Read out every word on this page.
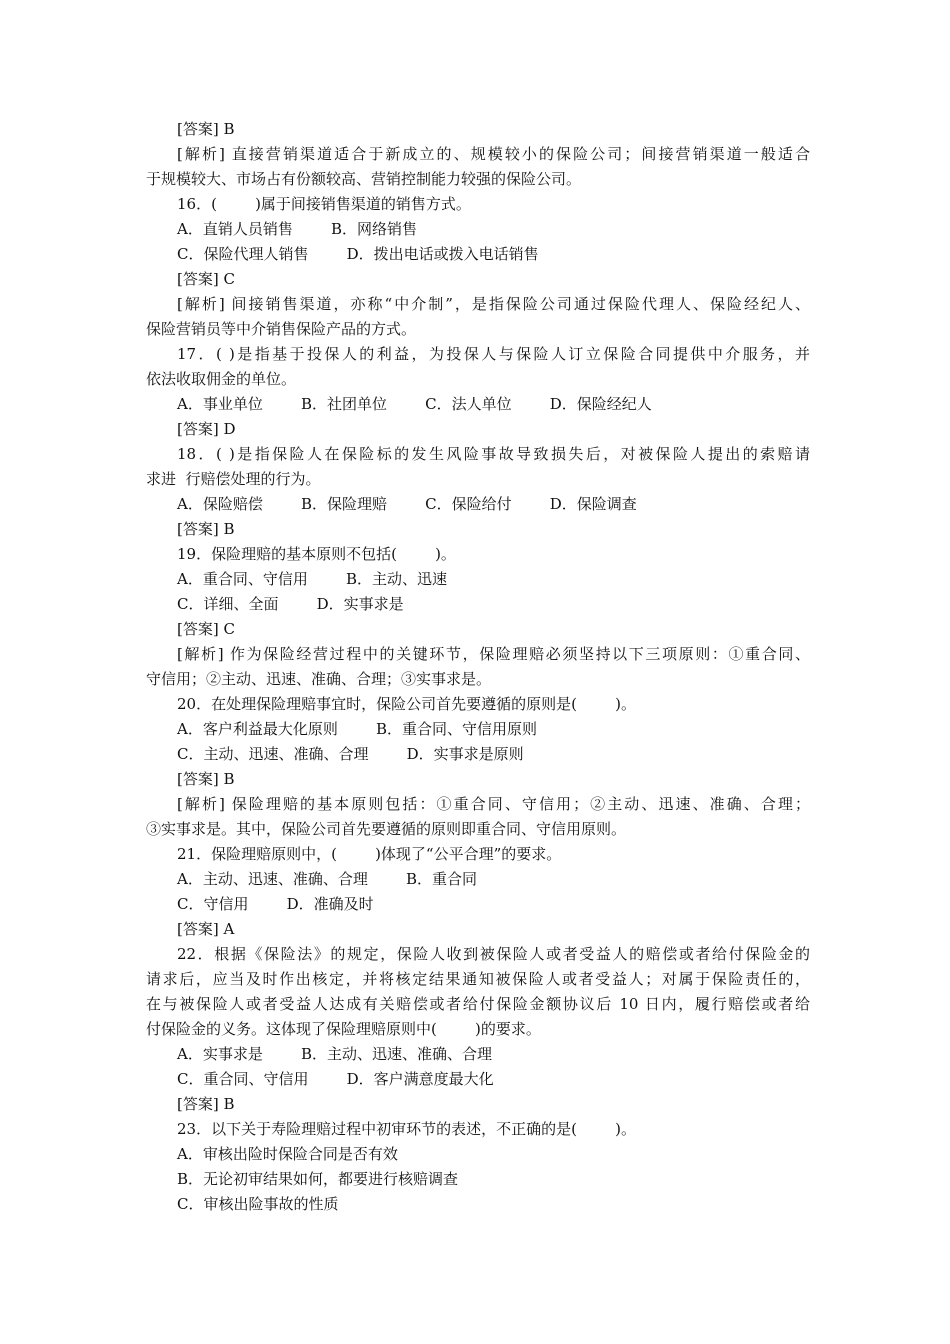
[答案] B
[解析] 直接营销渠道适合于新成立的、规模较小的保险公司；间接营销渠道一般适合
于规模较大、市场占有份额较高、营销控制能力较强的保险公司。
16．(        )属于间接销售渠道的销售方式。
A．直销人员销售        B．网络销售
C．保险代理人销售        D．拨出电话或拨入电话销售
[答案] C
[解析] 间接销售渠道，亦称“中介制”，是指保险公司通过保险代理人、保险经纪人、
保险营销员等中介销售保险产品的方式。
17．( )是指基于投保人的利益，为投保人与保险人订立保险合同提供中介服务，并
依法收取佣金的单位。
A．事业单位        B．社团单位        C．法人单位        D．保险经纪人
[答案] D
18．( )是指保险人在保险标的发生风险事故导致损失后，对被保险人提出的索赔请
求进  行赔偿处理的行为。
A．保险赔偿        B．保险理赔        C．保险给付        D．保险调查
[答案] B
19．保险理赔的基本原则不包括(        )。
A．重合同、守信用        B．主动、迅速
C．详细、全面        D．实事求是
[答案] C
[解析] 作为保险经营过程中的关键环节，保险理赔必须坚持以下三项原则：①重合同、
守信用；②主动、迅速、准确、合理；③实事求是。
20．在处理保险理赔事宜时，保险公司首先要遵循的原则是(        )。
A．客户利益最大化原则        B．重合同、守信用原则
C．主动、迅速、准确、合理        D．实事求是原则
[答案] B
[解析] 保险理赔的基本原则包括：①重合同、守信用；②主动、迅速、准确、合理；
③实事求是。其中，保险公司首先要遵循的原则即重合同、守信用原则。
21．保险理赔原则中，(        )体现了“公平合理”的要求。
A．主动、迅速、准确、合理        B．重合同
C．守信用        D．准确及时
[答案] A
22．根据《保险法》的规定，保险人收到被保险人或者受益人的赔偿或者给付保险金的
请求后，应当及时作出核定，并将核定结果通知被保险人或者受益人；对属于保险责任的，
在与被保险人或者受益人达成有关赔偿或者给付保险金额协议后 10 日内，履行赔偿或者给
付保险金的义务。这体现了保险理赔原则中(        )的要求。
A．实事求是        B．主动、迅速、准确、合理
C．重合同、守信用        D．客户满意度最大化
[答案] B
23．以下关于寿险理赔过程中初审环节的表述，不正确的是(        )。
A．审核出险时保险合同是否有效
B．无论初审结果如何，都要进行核赔调查
C．审核出险事故的性质
